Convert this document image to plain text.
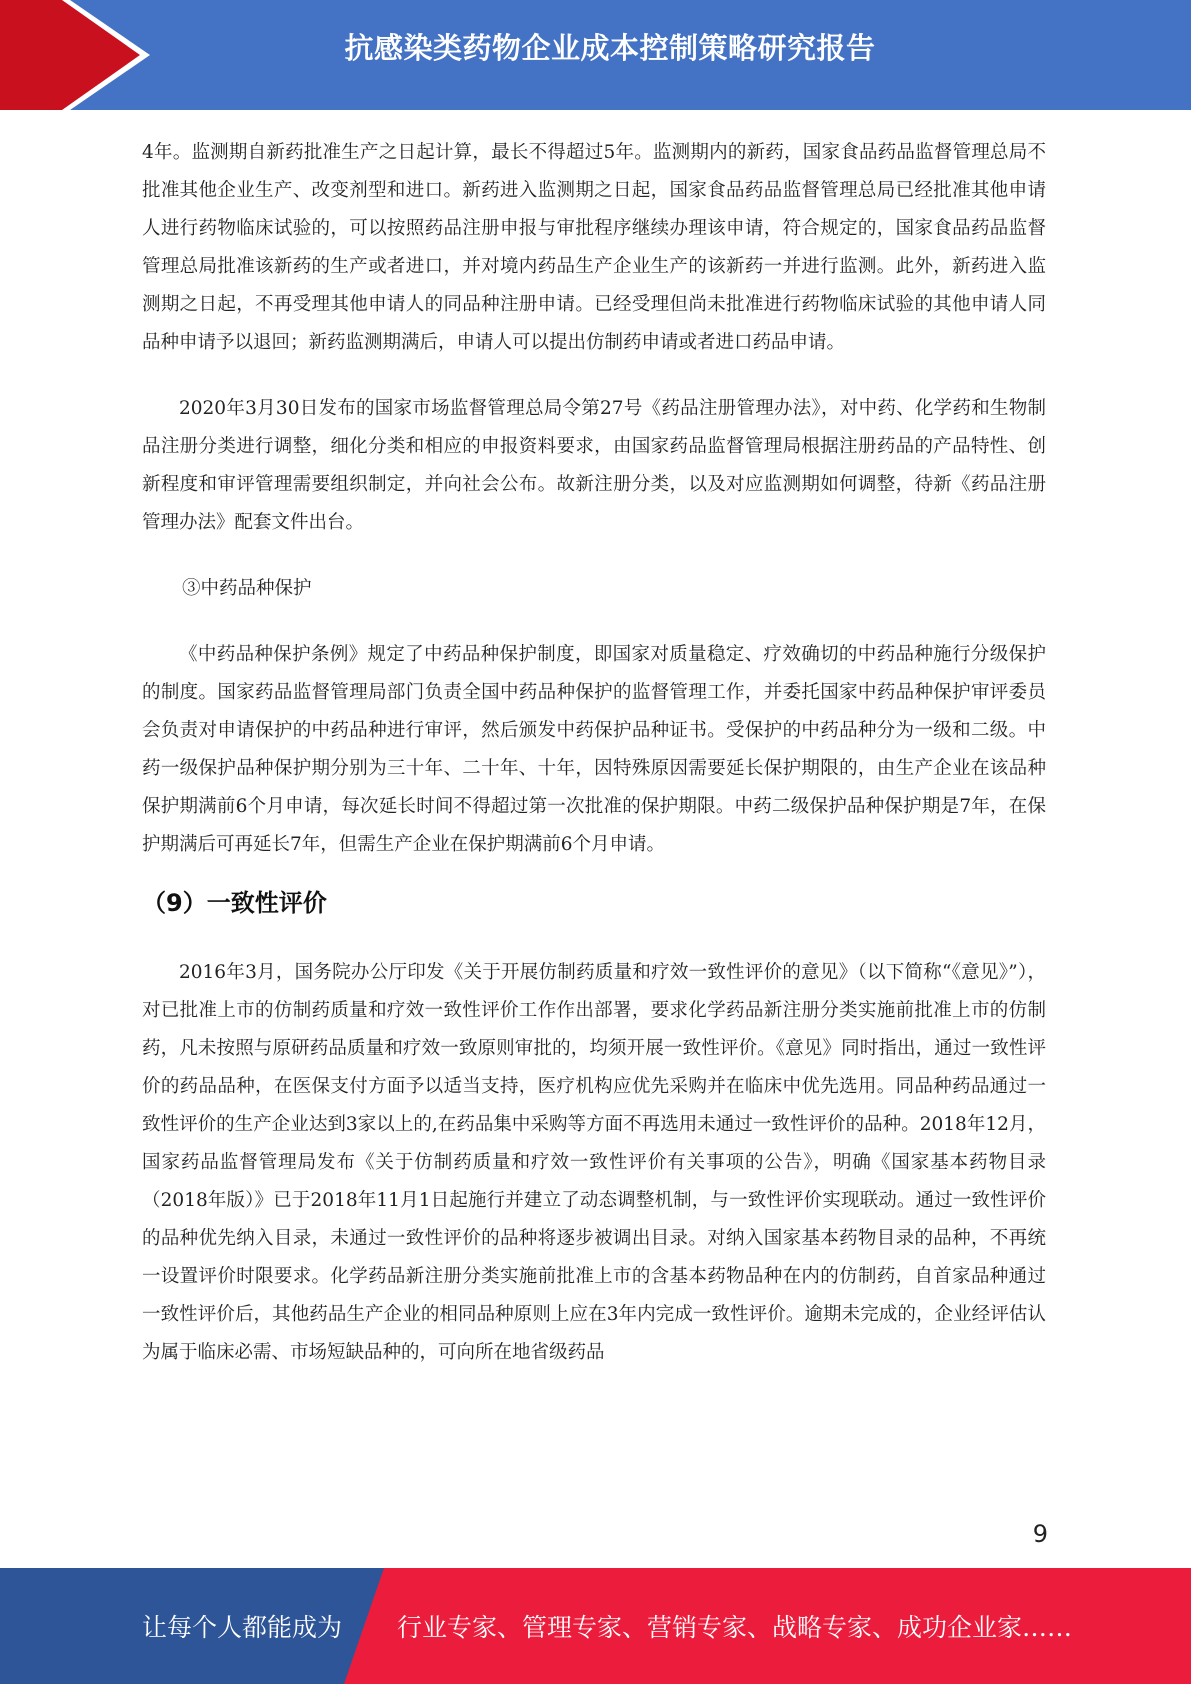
抗感染类药物企业成本控制策略研究报告

4年。监测期自新药批准生产之日起计算，最长不得超过5年。监测期内的新药，国家食品药品监督管理总局不批准其他企业生产、改变剂型和进口。新药进入监测期之日起，国家食品药品监督管理总局已经批准其他申请人进行药物临床试验的，可以按照药品注册申报与审批程序继续办理该申请，符合规定的，国家食品药品监督管理总局批准该新药的生产或者进口，并对境内药品生产企业生产的该新药一并进行监测。此外，新药进入监测期之日起，不再受理其他申请人的同品种注册申请。已经受理但尚未批准进行药物临床试验的其他申请人同品种申请予以退回；新药监测期满后，申请人可以提出仿制药申请或者进口药品申请。

2020年3月30日发布的国家市场监督管理总局令第27号《药品注册管理办法》，对中药、化学药和生物制品注册分类进行调整，细化分类和相应的申报资料要求，由国家药品监督管理局根据注册药品的产品特性、创新程度和审评管理需要组织制定，并向社会公布。故新注册分类，以及对应监测期如何调整，待新《药品注册管理办法》配套文件出台。

③中药品种保护

《中药品种保护条例》规定了中药品种保护制度，即国家对质量稳定、疗效确切的中药品种施行分级保护的制度。国家药品监督管理局部门负责全国中药品种保护的监督管理工作，并委托国家中药品种保护审评委员会负责对申请保护的中药品种进行审评，然后颁发中药保护品种证书。受保护的中药品种分为一级和二级。中药一级保护品种保护期分别为三十年、二十年、十年，因特殊原因需要延长保护期限的，由生产企业在该品种保护期满前6个月申请，每次延长时间不得超过第一次批准的保护期限。中药二级保护品种保护期是7年，在保护期满后可再延长7年，但需生产企业在保护期满前6个月申请。

（9）一致性评价

2016年3月，国务院办公厅印发《关于开展仿制药质量和疗效一致性评价的意见》（以下简称“《意见》”），对已批准上市的仿制药质量和疗效一致性评价工作作出部署，要求化学药品新注册分类实施前批准上市的仿制药，凡未按照与原研药品质量和疗效一致原则审批的，均须开展一致性评价。《意见》同时指出，通过一致性评价的药品品种，在医保支付方面予以适当支持，医疗机构应优先采购并在临床中优先选用。同品种药品通过一致性评价的生产企业达到3家以上的,在药品集中采购等方面不再选用未通过一致性评价的品种。2018年12月，国家药品监督管理局发布《关于仿制药质量和疗效一致性评价有关事项的公告》，明确《国家基本药物目录（2018年版）》已于2018年11月1日起施行并建立了动态调整机制，与一致性评价实现联动。通过一致性评价的品种优先纳入目录，未通过一致性评价的品种将逐步被调出目录。对纳入国家基本药物目录的品种，不再统一设置评价时限要求。化学药品新注册分类实施前批准上市的含基本药物品种在内的仿制药，自首家品种通过一致性评价后，其他药品生产企业的相同品种原则上应在3年内完成一致性评价。逾期未完成的，企业经评估认为属于临床必需、市场短缺品种的，可向所在地省级药品

9
让每个人都能成为 行业专家、管理专家、营销专家、战略专家、成功企业家……
